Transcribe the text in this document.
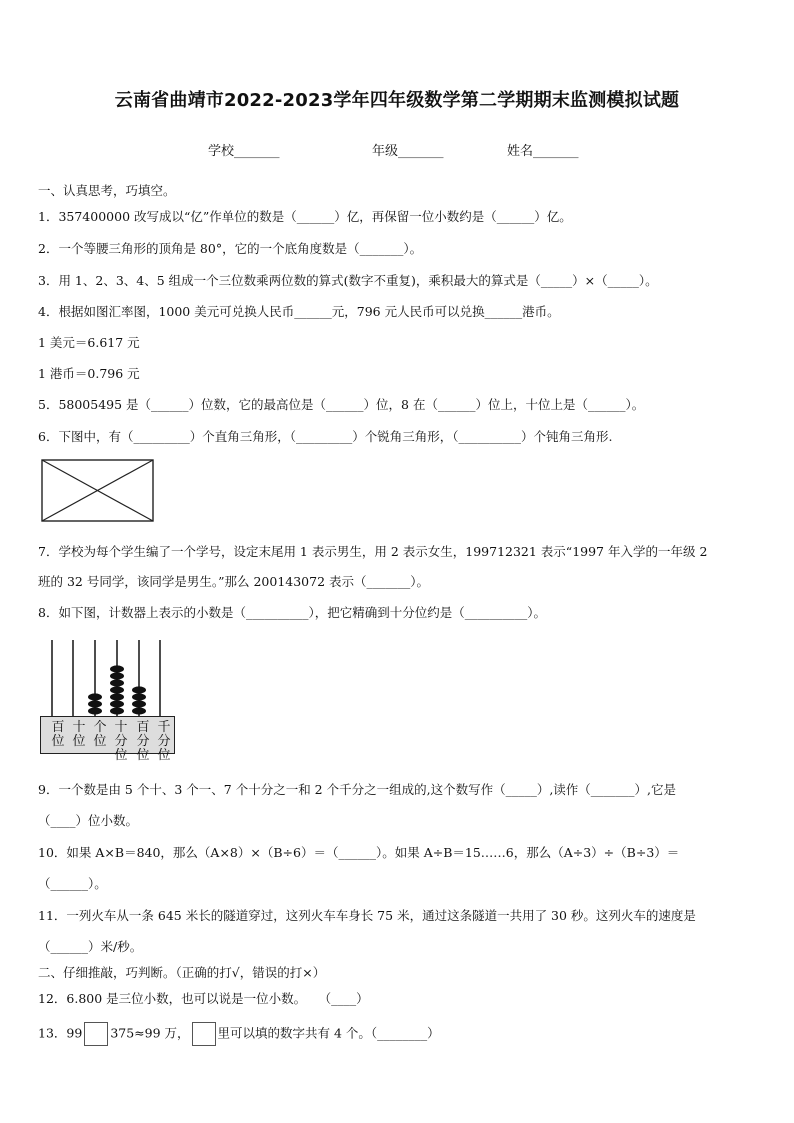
云南省曲靖市2022-2023学年四年级数学第二学期期末监测模拟试题
学校_______	年级_______	姓名_______
一、认真思考，巧填空。
1．357400000 改写成以“亿”作单位的数是（______）亿，再保留一位小数约是（______）亿。
2．一个等腰三角形的顶角是 80°，它的一个底角度数是（_______）。
3．用 1、2、3、4、5 组成一个三位数乘两位数的算式(数字不重复)，乘积最大的算式是（_____）×（_____）。
4．根据如图汇率图，1000 美元可兑换人民币______元，796 元人民币可以兑换______港币。
1 美元＝6.617 元
1 港币＝0.796 元
5．58005495 是（______）位数，它的最高位是（______）位，8 在（______）位上，十位上是（______）。
6．下图中，有（_________）个直角三角形，（_________）个锐角三角形，（__________）个钝角三角形.
7．学校为每个学生编了一个学号，设定末尾用 1 表示男生，用 2 表示女生，199712321 表示“1997 年入学的一年级 2
班的 32 号同学，该同学是男生。”那么 200143072 表示（_______）。
8．如下图，计数器上表示的小数是（__________），把它精确到十分位约是（__________）。
百位
十位
个位
十分位
百分位
千分位
9．一个数是由 5 个十、3 个一、7 个十分之一和 2 个千分之一组成的,这个数写作（_____）,读作（_______）,它是
（____）位小数。
10．如果 A×B＝840，那么（A×8）×（B÷6）＝（______）。如果 A÷B＝15……6，那么（A÷3）÷（B÷3）＝
（______）。
11．一列火车从一条 645 米长的隧道穿过，这列火车车身长 75 米，通过这条隧道一共用了 30 秒。这列火车的速度是
（______）米/秒。
二、仔细推敲，巧判断。（正确的打√，错误的打×）
12．6.800 是三位小数，也可以说是一位小数。　　（____）
13．99 375≈99 万， 里可以填的数字共有 4 个。（________）
